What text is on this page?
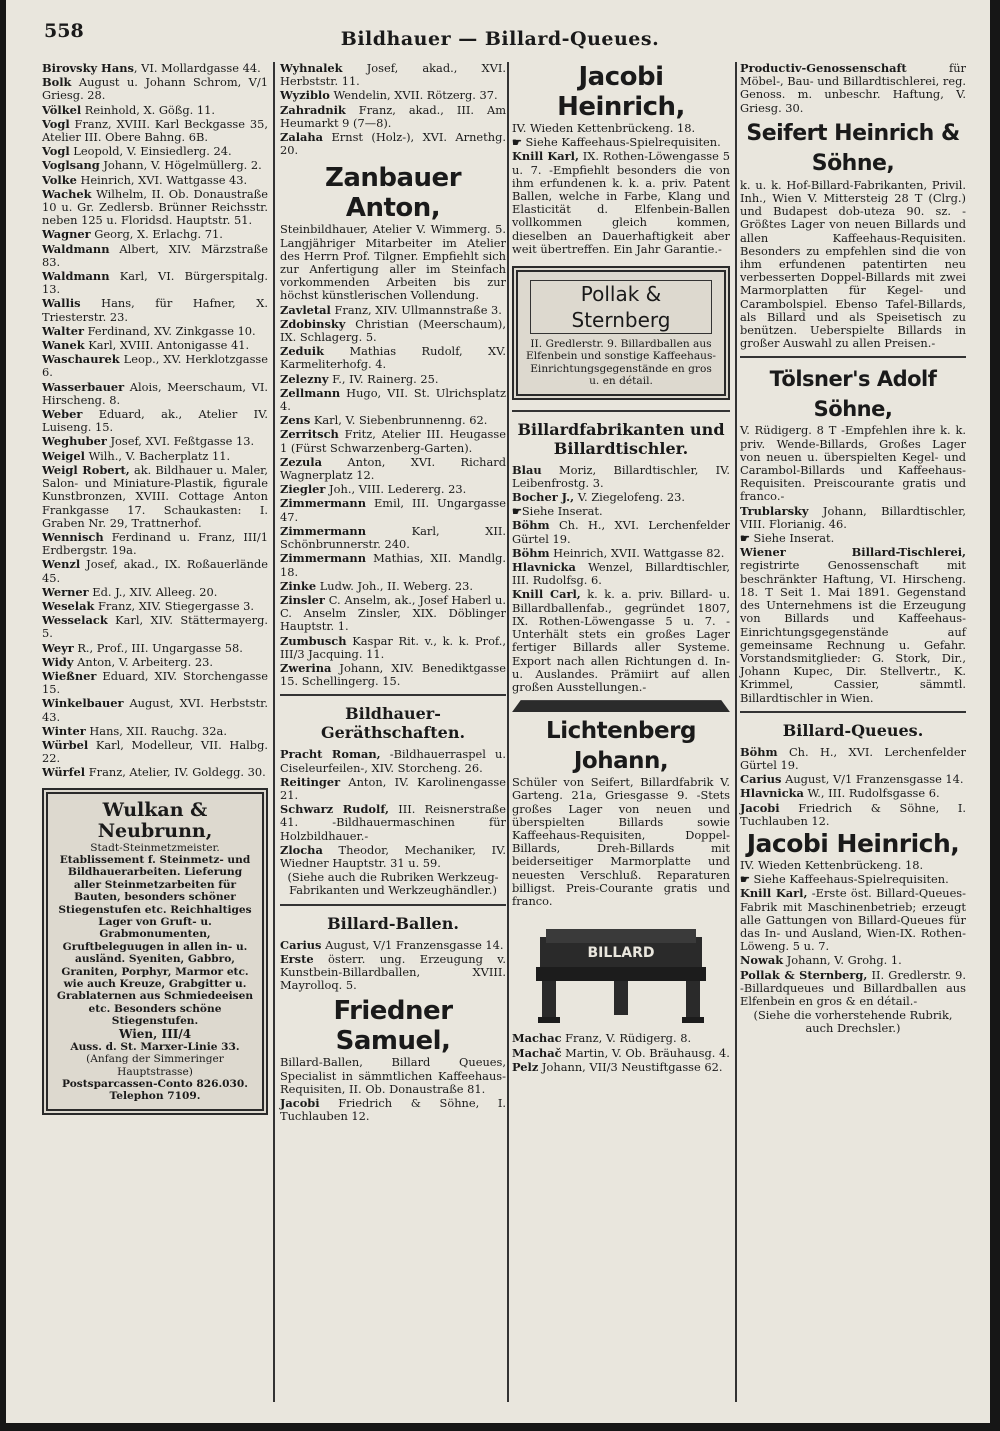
558	Bildhauer — Billard-Queues.
Birovsky Hans, VI. Mollardgasse 44.
Bolk August u. Johann Schrom, V/1 Griesg. 28.
Völkel Reinhold, X. Gößg. 11.
Vogl Franz, XVIII. Karl Beckgasse 35, Atelier III. Obere Bahng. 6B.
Vogl Leopold, V. Einsiedlerg. 24.
Voglsang Johann, V. Högelmüllerg. 2.
Volke Heinrich, XVI. Wattgasse 43.
Wachek Wilhelm, II. Ob. Donaustraße 10 u. Gr. Zedlersb. Brünner Reichsstr. neben 125 u. Floridsd. Hauptstr. 51.
Wagner Georg, X. Erlachg. 71.
Waldmann Albert, XIV. Märzstraße 83.
Waldmann Karl, VI. Bürgerspitalg. 13.
Wallis Hans, für Hafner, X. Triesterstr. 23.
Walter Ferdinand, XV. Zinkgasse 10.
Wanek Karl, XVIII. Antonigasse 41.
Waschaurek Leop., XV. Herklotzgasse 6.
Wasserbauer Alois, Meerschaum, VI. Hirscheng. 8.
Weber Eduard, ak., Atelier IV. Luiseng. 15.
Weghuber Josef, XVI. Feßtgasse 13.
Weigel Wilh., V. Bacherplatz 11.
Weigl Robert, ak. Bildhauer u. Maler, Salon- und Miniature-Plastik, figurale Kunstbronzen, XVIII. Cottage Anton Frankgasse 17. Schaukasten: I. Graben Nr. 29, Trattnerhof.
Wennisch Ferdinand u. Franz, III/1 Erdbergstr. 19a.
Wenzl Josef, akad., IX. Roßauerlände 45.
Werner Ed. J., XIV. Alleeg. 20.
Weselak Franz, XIV. Stiegergasse 3.
Wesselack Karl, XIV. Stättermayerg. 5.
Weyr R., Prof., III. Ungargasse 58.
Widy Anton, V. Arbeiterg. 23.
Wießner Eduard, XIV. Storchengasse 15.
Winkelbauer August, XVI. Herbststr. 43.
Winter Hans, XII. Rauchg. 32a.
Würbel Karl, Modelleur, VII. Halbg. 22.
Würfel Franz, Atelier, IV. Goldegg. 30.
Wulkan &
Neubrunn,
Stadt-Steinmetzmeister.
Etablissement f. Steinmetz- und Bildhauerarbeiten. Lieferung aller Steinmetzarbeiten für Bauten, besonders schöner Stiegenstufen etc. Reichhaltiges Lager von Gruft- u. Grabmonumenten, Gruftbeleguugen in allen in- u. ausländ. Syeniten, Gabbro, Graniten, Porphyr, Marmor etc. wie auch Kreuze, Grabgitter u. Grablaternen aus Schmiedeeisen etc. Besonders schöne Stiegenstufen.
Wien, III/4
Auss. d. St. Marxer-Linie 33.
(Anfang der Simmeringer Hauptstrasse)
Postsparcassen-Conto 826.030.
Telephon 7109.
Wyhnalek Josef, akad., XVI. Herbststr. 11.
Wyziblo Wendelin, XVII. Rötzerg. 37.
Zahradnik Franz, akad., III. Am Heumarkt 9 (7—8).
Zalaha Ernst (Holz-), XVI. Arnethg. 20.
Zanbauer Anton,
Steinbildhauer, Atelier V. Wimmerg. 5. Langjähriger Mitarbeiter im Atelier des Herrn Prof. Tilgner. Empfiehlt sich zur Anfertigung aller im Steinfach vorkommenden Arbeiten bis zur höchst künstlerischen Vollendung.
Zavletal Franz, XIV. Ullmannstraße 3.
Zdobinsky Christian (Meerschaum), IX. Schlagerg. 5.
Zeduik Mathias Rudolf, XV. Karmeliterhofg. 4.
Zelezny F., IV. Rainerg. 25.
Zellmann Hugo, VII. St. Ulrichsplatz 4.
Zens Karl, V. Siebenbrunnenng. 62.
Zerritsch Fritz, Atelier III. Heugasse 1 (Fürst Schwarzenberg-Garten).
Zezula Anton, XVI. Richard Wagnerplatz 12.
Ziegler Joh., VIII. Ledererg. 23.
Zimmermann Emil, III. Ungargasse 47.
Zimmermann Karl, XII. Schönbrunnerstr. 240.
Zimmermann Mathias, XII. Mandlg. 18.
Zinke Ludw. Joh., II. Weberg. 23.
Zinsler C. Anselm, ak., Josef Haberl u. C. Anselm Zinsler, XIX. Döblinger Hauptstr. 1.
Zumbusch Kaspar Rit. v., k. k. Prof., III/3 Jacquing. 11.
Zwerina Johann, XIV. Benediktgasse 15. Schellingerg. 15.
Bildhauer-Geräthschaften.
Pracht Roman, -Bildhauerraspel u. Ciseleurfeilen-, XIV. Storcheng. 26.
Reitinger Anton, IV. Karolinengasse 21.
Schwarz Rudolf, III. Reisnerstraße 41. -Bildhauermaschinen für Holzbildhauer.-
Zlocha Theodor, Mechaniker, IV. Wiedner Hauptstr. 31 u. 59.
(Siehe auch die Rubriken Werkzeug-Fabrikanten und Werkzeughändler.)
Billard-Ballen.
Carius August, V/1 Franzensgasse 14.
Erste österr. ung. Erzeugung v. Kunstbein-Billardballen, XVIII. Mayrolloq. 5.
Friedner Samuel,
Billard-Ballen, Billard Queues, Specialist in sämmtlichen Kaffeehaus-Requisiten, II. Ob. Donaustraße 81.
Jacobi Friedrich & Söhne, I. Tuchlauben 12.
Jacobi Heinrich,
IV. Wieden Kettenbrückeng. 18.
☛ Siehe Kaffeehaus-Spielrequisiten.
Knill Karl, IX. Rothen-Löwengasse 5 u. 7. -Empfiehlt besonders die von ihm erfundenen k. k. a. priv. Patent Ballen, welche in Farbe, Klang und Elasticität d. Elfenbein-Ballen vollkommen gleich kommen, dieselben an Dauerhaftigkeit aber weit übertreffen. Ein Jahr Garantie.-
Pollak & Sternberg
II. Gredlerstr. 9. Billardballen aus Elfenbein und sonstige Kaffeehaus-Einrichtungsgegenstände en gros u. en détail.
Billardfabrikanten und Billardtischler.
Blau Moriz, Billardtischler, IV. Leibenfrostg. 3.
Bocher J., V. Ziegelofeng. 23.
☛Siehe Inserat.
Böhm Ch. H., XVI. Lerchenfelder Gürtel 19.
Böhm Heinrich, XVII. Wattgasse 82.
Hlavnicka Wenzel, Billardtischler, III. Rudolfsg. 6.
Knill Carl, k. k. a. priv. Billard- u. Billardballenfab., gegründet 1807, IX. Rothen-Löwengasse 5 u. 7. -Unterhält stets ein großes Lager fertiger Billards aller Systeme. Export nach allen Richtungen d. In- u. Auslandes. Prämiirt auf allen großen Ausstellungen.-
Lichtenberg Johann,
Schüler von Seifert, Billardfabrik V. Garteng. 21a, Griesgasse 9. -Stets großes Lager von neuen und überspielten Billards sowie Kaffeehaus-Requisiten, Doppel-Billards, Dreh-Billards mit beiderseitiger Marmorplatte und neuesten Verschluß. Reparaturen billigst. Preis-Courante gratis und franco.
BILLARD
Machac Franz, V. Rüdigerg. 8.
Machač Martin, V. Ob. Bräuhausg. 4.
Pelz Johann, VII/3 Neustiftgasse 62.
Productiv-Genossenschaft für Möbel-, Bau- und Billardtischlerei, reg. Genoss. m. unbeschr. Haftung, V. Griesg. 30.
Seifert Heinrich & Söhne,
k. u. k. Hof-Billard-Fabrikanten, Privil. Inh., Wien V. Mittersteig 28 T (Clrg.) und Budapest dob-uteza 90. sz. -Größtes Lager von neuen Billards und allen Kaffeehaus-Requisiten. Besonders zu empfehlen sind die von ihm erfundenen patentirten neu verbesserten Doppel-Billards mit zwei Marmorplatten für Kegel- und Carambolspiel. Ebenso Tafel-Billards, als Billard und als Speisetisch zu benützen. Ueberspielte Billards in großer Auswahl zu allen Preisen.-
Tölsner's Adolf Söhne,
V. Rüdigerg. 8 T -Empfehlen ihre k. k. priv. Wende-Billards, Großes Lager von neuen u. überspielten Kegel- und Carambol-Billards und Kaffeehaus-Requisiten. Preiscourante gratis und franco.-
Trublarsky Johann, Billardtischler, VIII. Florianig. 46.
☛ Siehe Inserat.
Wiener Billard-Tischlerei, registrirte Genossenschaft mit beschränkter Haftung, VI. Hirscheng. 18. T Seit 1. Mai 1891. Gegenstand des Unternehmens ist die Erzeugung von Billards und Kaffeehaus-Einrichtungsgegenstände auf gemeinsame Rechnung u. Gefahr. Vorstandsmitglieder: G. Stork, Dir., Johann Kupec, Dir. Stellvertr., K. Krimmel, Cassier, sämmtl. Billardtischler in Wien.
Billard-Queues.
Böhm Ch. H., XVI. Lerchenfelder Gürtel 19.
Carius August, V/1 Franzensgasse 14.
Hlavnicka W., III. Rudolfsgasse 6.
Jacobi Friedrich & Söhne, I. Tuchlauben 12.
Jacobi Heinrich,
IV. Wieden Kettenbrückeng. 18.
☛ Siehe Kaffeehaus-Spielrequisiten.
Knill Karl, -Erste öst. Billard-Queues-Fabrik mit Maschinenbetrieb; erzeugt alle Gattungen von Billard-Queues für das In- und Ausland, Wien-IX. Rothen-Löweng. 5 u. 7.
Nowak Johann, V. Grohg. 1.
Pollak & Sternberg, II. Gredlerstr. 9. -Billardqueues und Billardballen aus Elfenbein en gros & en détail.-
(Siehe die vorherstehende Rubrik, auch Drechsler.)
